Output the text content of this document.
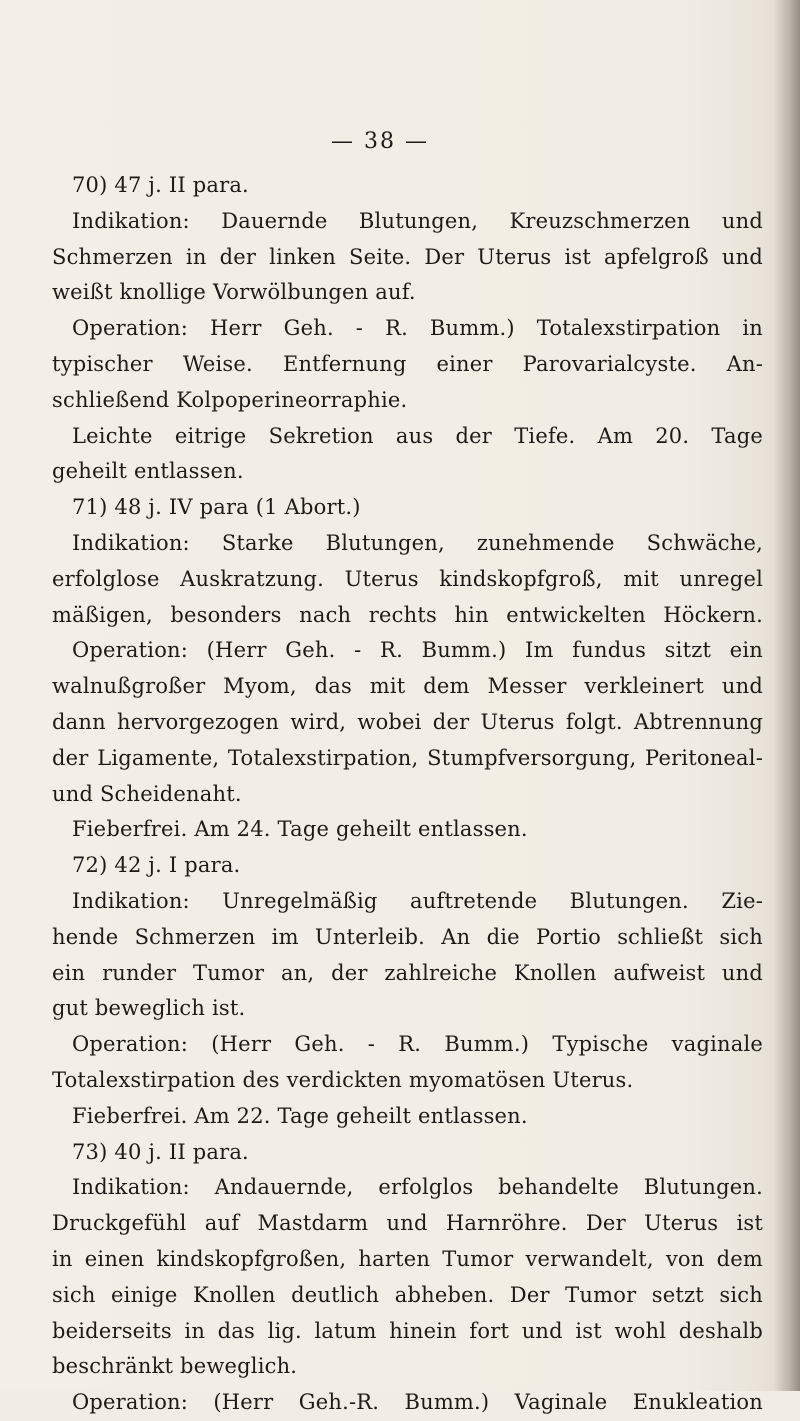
— 38 —
70) 47 j. II para.
Indikation: Dauernde Blutungen, Kreuzschmerzen und
Schmerzen in der linken Seite. Der Uterus ist apfelgroß und
weißt knollige Vorwölbungen auf.
Operation: Herr Geh. - R. Bumm.) Totalexstirpation in
typischer Weise. Entfernung einer Parovarialcyste. An-
schließend Kolpoperineorraphie.
Leichte eitrige Sekretion aus der Tiefe. Am 20. Tage
geheilt entlassen.
71) 48 j. IV para (1 Abort.)
Indikation: Starke Blutungen, zunehmende Schwäche,
erfolglose Auskratzung. Uterus kindskopfgroß, mit unregel
mäßigen, besonders nach rechts hin entwickelten Höckern.
Operation: (Herr Geh. - R. Bumm.) Im fundus sitzt ein
walnußgroßer Myom, das mit dem Messer verkleinert und
dann hervorgezogen wird, wobei der Uterus folgt. Abtrennung
der Ligamente, Totalexstirpation, Stumpfversorgung, Peritoneal-
und Scheidenaht.
Fieberfrei. Am 24. Tage geheilt entlassen.
72) 42 j. I para.
Indikation: Unregelmäßig auftretende Blutungen. Zie-
hende Schmerzen im Unterleib. An die Portio schließt sich
ein runder Tumor an, der zahlreiche Knollen aufweist und
gut beweglich ist.
Operation: (Herr Geh. - R. Bumm.) Typische vaginale
Totalexstirpation des verdickten myomatösen Uterus.
Fieberfrei. Am 22. Tage geheilt entlassen.
73) 40 j. II para.
Indikation: Andauernde, erfolglos behandelte Blutungen.
Druckgefühl auf Mastdarm und Harnröhre. Der Uterus ist
in einen kindskopfgroßen, harten Tumor verwandelt, von dem
sich einige Knollen deutlich abheben. Der Tumor setzt sich
beiderseits in das lig. latum hinein fort und ist wohl deshalb
beschränkt beweglich.
Operation: (Herr Geh.-R. Bumm.) Vaginale Enukleation
